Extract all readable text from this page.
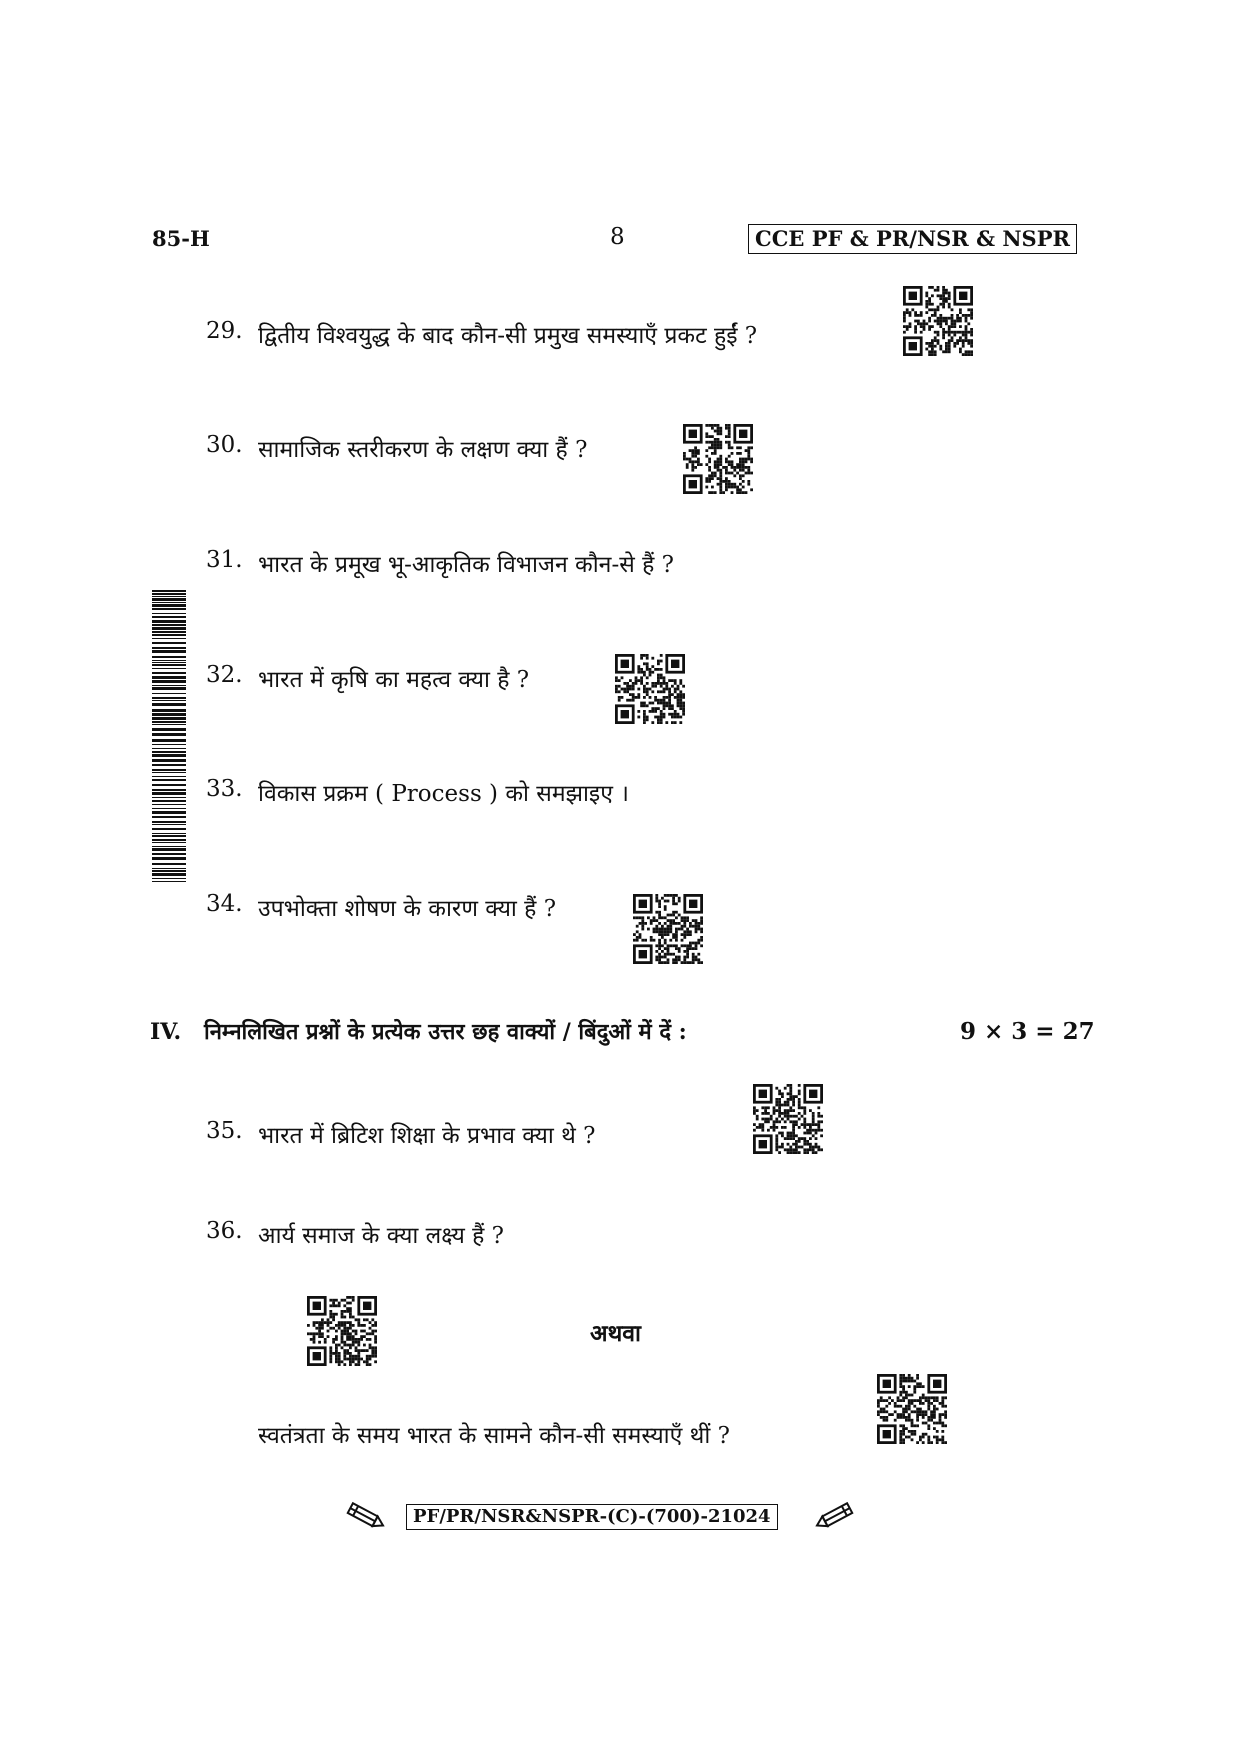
85-H	8	CCE PF & PR/NSR & NSPR
29. द्वितीय विश्वयुद्ध के बाद कौन-सी प्रमुख समस्याएँ प्रकट हुईं ?
30. सामाजिक स्तरीकरण के लक्षण क्या हैं ?
31. भारत के प्रमूख भू-आकृतिक विभाजन कौन-से हैं ?
32. भारत में कृषि का महत्व क्या है ?
33. विकास प्रक्रम ( Process ) को समझाइए ।
34. उपभोक्ता शोषण के कारण क्या हैं ?
IV. निम्नलिखित प्रश्नों के प्रत्येक उत्तर छह वाक्यों / बिंदुओं में दें :	9 × 3 = 27
35. भारत में ब्रिटिश शिक्षा के प्रभाव क्या थे ?
36. आर्य समाज के क्या लक्ष्य हैं ?
अथवा
स्वतंत्रता के समय भारत के सामने कौन-सी समस्याएँ थीं ?
PF/PR/NSR&NSPR-(C)-(700)-21024
